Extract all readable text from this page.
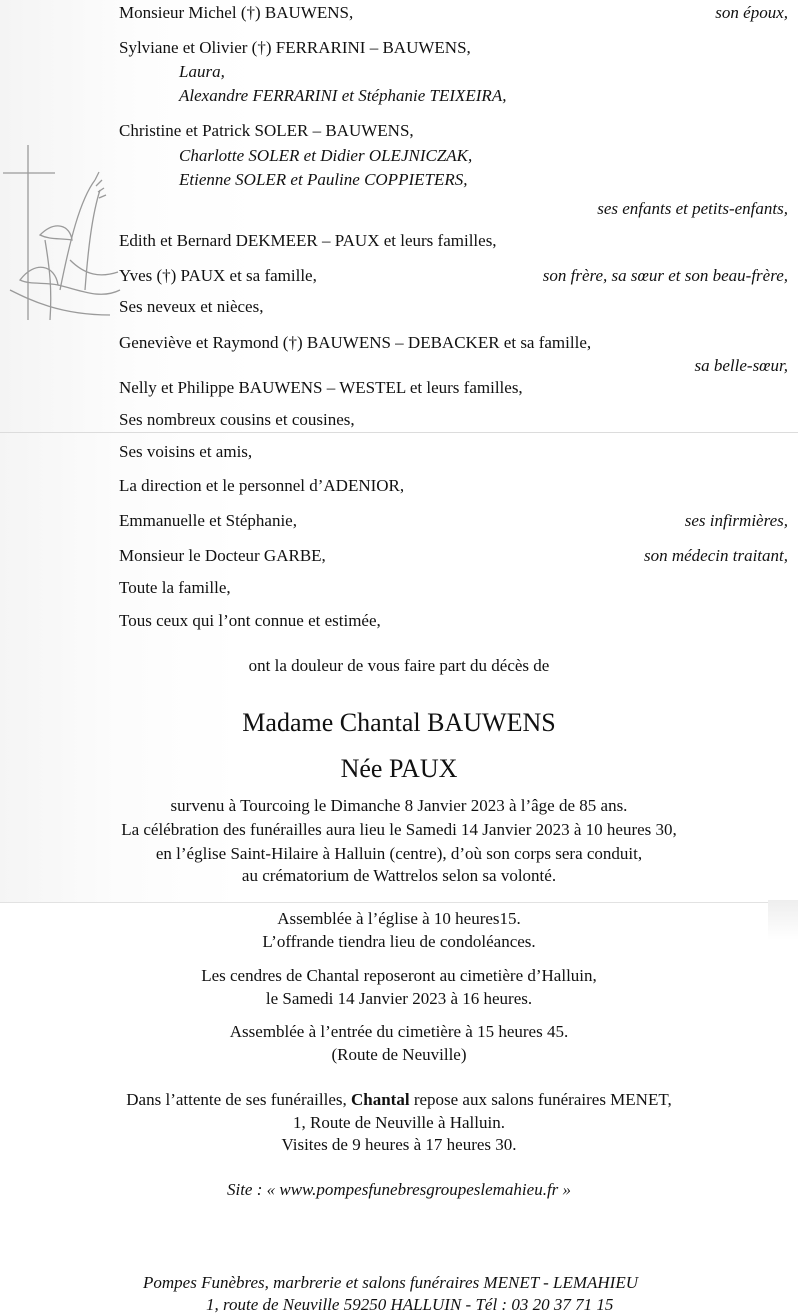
Monsieur Michel (†) BAUWENS,	son époux,
Sylviane et Olivier (†) FERRARINI – BAUWENS,
Laura,
Alexandre FERRARINI et Stéphanie TEIXEIRA,
Christine et Patrick SOLER – BAUWENS,
Charlotte SOLER et Didier OLEJNICZAK,
Etienne SOLER et Pauline COPPIETERS,
ses enfants et petits-enfants,
Edith et Bernard DEKMEER – PAUX et leurs familles,
Yves (†) PAUX et sa famille,	son frère, sa sœur et son beau-frère,
Ses neveux et nièces,
Geneviève et Raymond (†) BAUWENS – DEBACKER et sa famille,
sa belle-sœur,
Nelly et Philippe BAUWENS – WESTEL et leurs familles,
Ses nombreux cousins et cousines,
Ses voisins et amis,
La direction et le personnel d’ADENIOR,
Emmanuelle et Stéphanie,	ses infirmières,
Monsieur le Docteur GARBE,	son médecin traitant,
Toute la famille,
Tous ceux qui l’ont connue et estimée,
ont la douleur de vous faire part du décès de
Madame Chantal BAUWENS
Née PAUX
survenu à Tourcoing le Dimanche 8 Janvier 2023 à l’âge de 85 ans.
La célébration des funérailles aura lieu le Samedi 14 Janvier 2023 à 10 heures 30,
en l’église Saint-Hilaire à Halluin (centre), d’où son corps sera conduit,
au crématorium de Wattrelos selon sa volonté.
Assemblée à l’église à 10 heures15.
L’offrande tiendra lieu de condoléances.
Les cendres de Chantal reposeront au cimetière d’Halluin,
le Samedi 14 Janvier 2023 à 16 heures.
Assemblée à l’entrée du cimetière à 15 heures 45.
(Route de Neuville)
Dans l’attente de ses funérailles, Chantal repose aux salons funéraires MENET,
1, Route de Neuville à Halluin.
Visites de 9 heures à 17 heures 30.
Site : « www.pompesfunebresgroupeslemahieu.fr »
Pompes Funèbres, marbrerie et salons funéraires MENET - LEMAHIEU
1, route de Neuville 59250 HALLUIN - Tél : 03 20 37 71 15
